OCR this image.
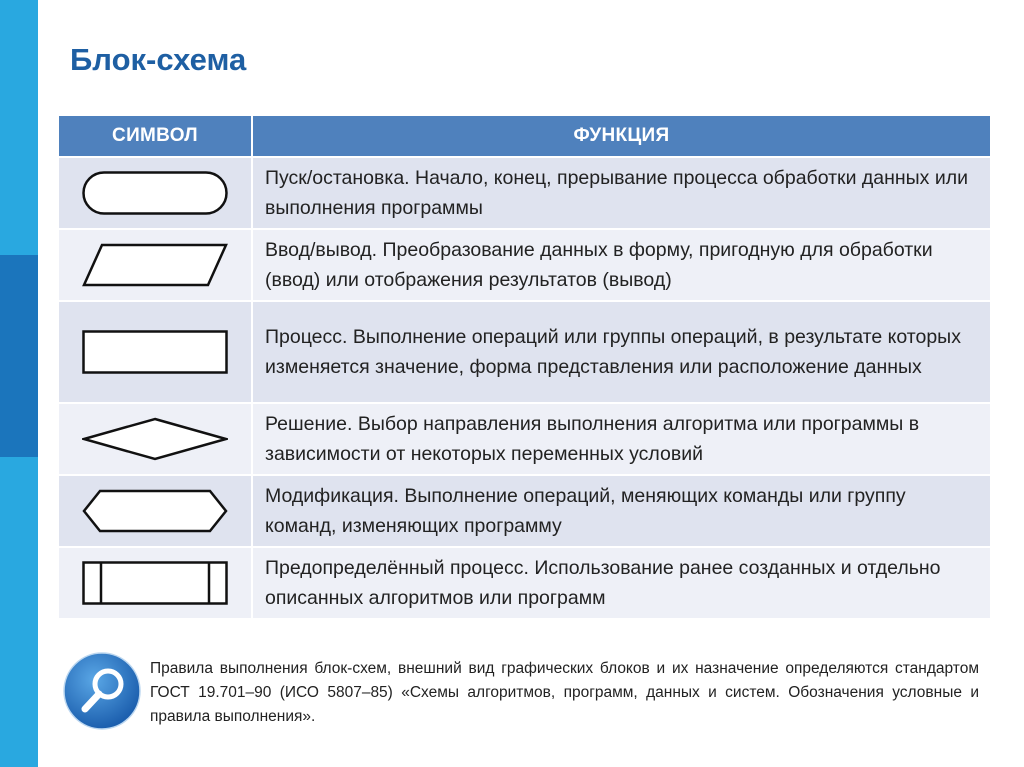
Блок-схема
СИМВОЛ	ФУНКЦИЯ
Пуск/остановка. Начало, конец, прерывание процесса обработки данных или выполнения программы
Ввод/вывод. Преобразование данных в форму, пригодную для обработки (ввод) или отображения результатов (вывод)
Процесс. Выполнение операций или группы операций, в результате которых изменяется значение, форма представления или расположение данных
Решение. Выбор направления выполнения алгоритма или программы в зависимости от некоторых переменных условий
Модификация. Выполнение операций, меняющих команды или группу команд, изменяющих программу
Предопределённый процесс. Использование ранее созданных и отдельно описанных алгоритмов или программ

Правила выполнения блок-схем, внешний вид графических блоков и их назначение определяются стандартом ГОСТ 19.701–90 (ИСО 5807–85) «Схемы алгоритмов, программ, данных и систем. Обозначения условные и правила выполнения».
